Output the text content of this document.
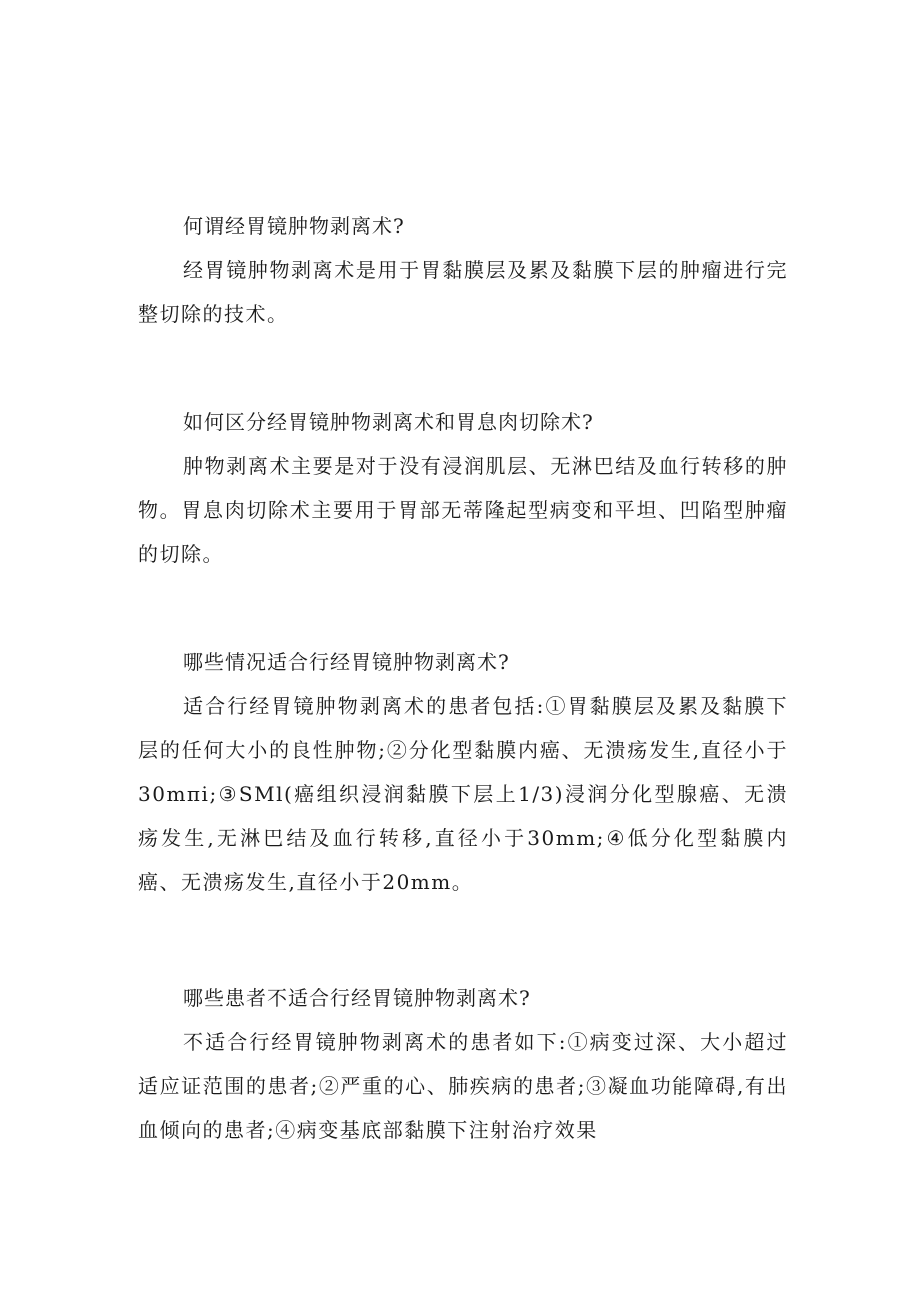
何谓经胃镜肿物剥离术?

经胃镜肿物剥离术是用于胃黏膜层及累及黏膜下层的肿瘤进行完整切除的技术。

如何区分经胃镜肿物剥离术和胃息肉切除术?

肿物剥离术主要是对于没有浸润肌层、无淋巴结及血行转移的肿物。胃息肉切除术主要用于胃部无蒂隆起型病变和平坦、凹陷型肿瘤的切除。

哪些情况适合行经胃镜肿物剥离术?

适合行经胃镜肿物剥离术的患者包括:①胃黏膜层及累及黏膜下层的任何大小的良性肿物;②分化型黏膜内癌、无溃疡发生,直径小于30mπi;③SMl(癌组织浸润黏膜下层上1/3)浸润分化型腺癌、无溃疡发生,无淋巴结及血行转移,直径小于30mm;④低分化型黏膜内癌、无溃疡发生,直径小于20mm。

哪些患者不适合行经胃镜肿物剥离术?

不适合行经胃镜肿物剥离术的患者如下:①病变过深、大小超过适应证范围的患者;②严重的心、肺疾病的患者;③凝血功能障碍,有出血倾向的患者;④病变基底部黏膜下注射治疗效果
